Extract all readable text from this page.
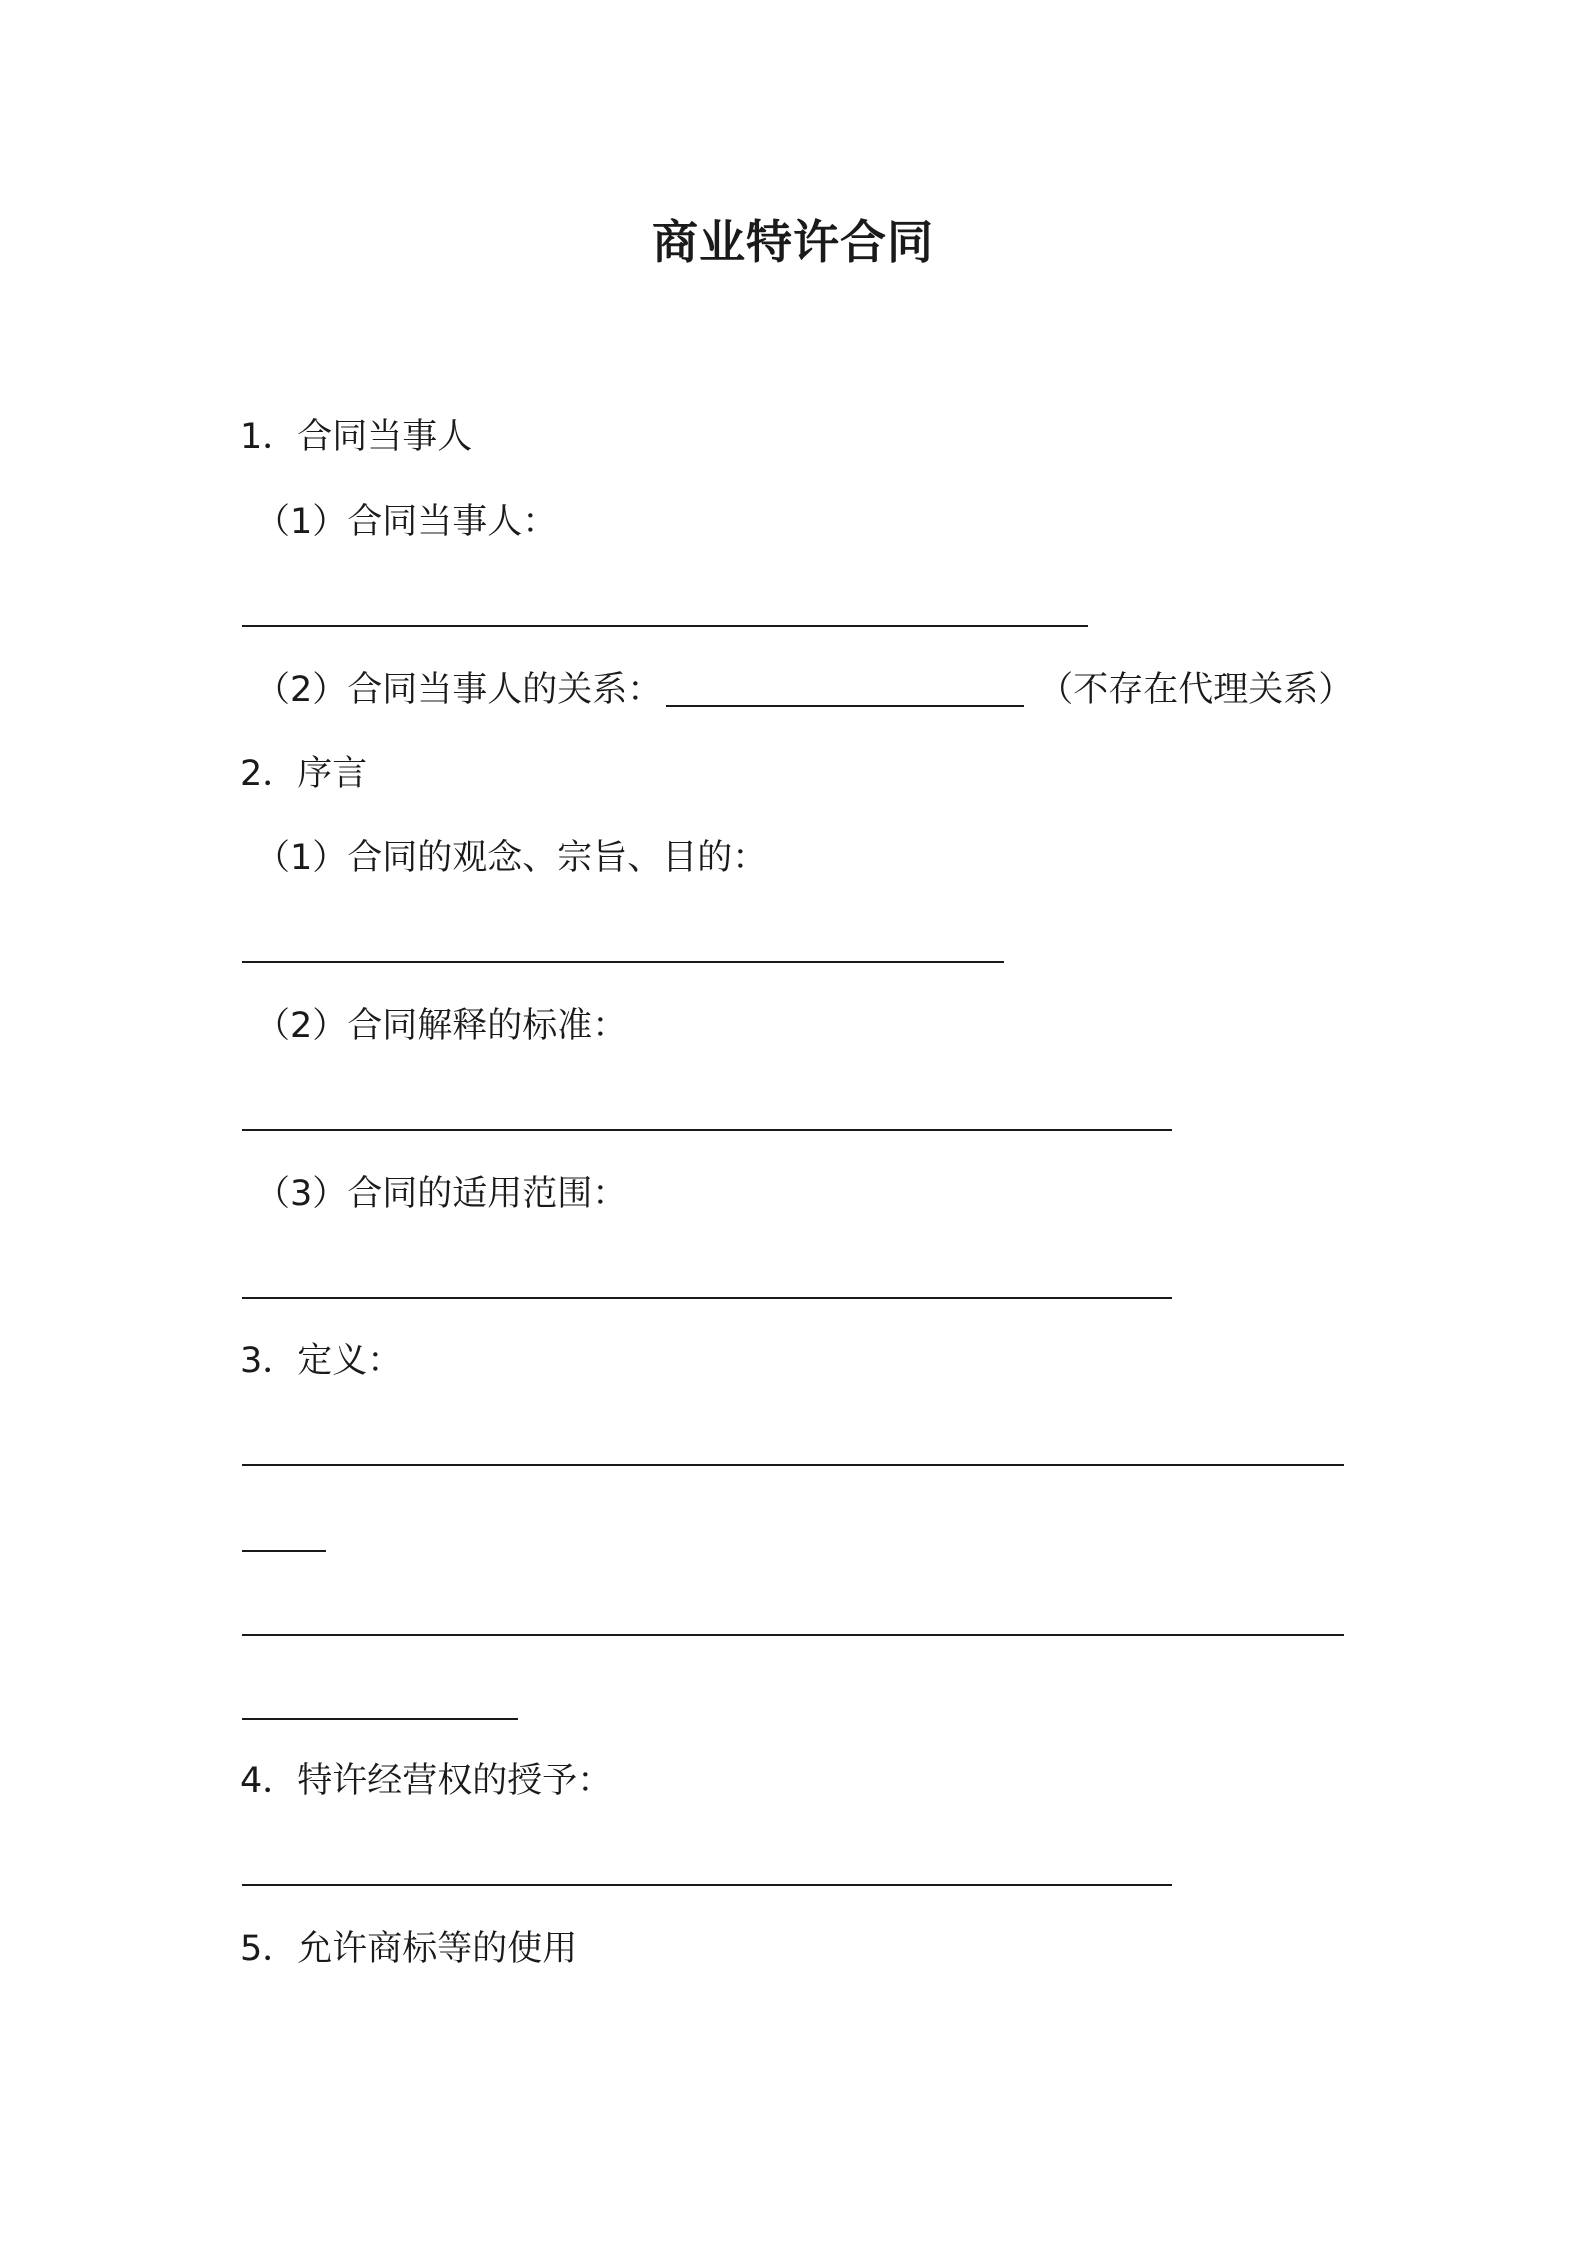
商业特许合同
1．合同当事人
（1）合同当事人：
（2）合同当事人的关系：	（不存在代理关系）
2．序言
（1）合同的观念、宗旨、目的：
（2）合同解释的标准：
（3）合同的适用范围：
3．定义：
4．特许经营权的授予：
5．允许商标等的使用
